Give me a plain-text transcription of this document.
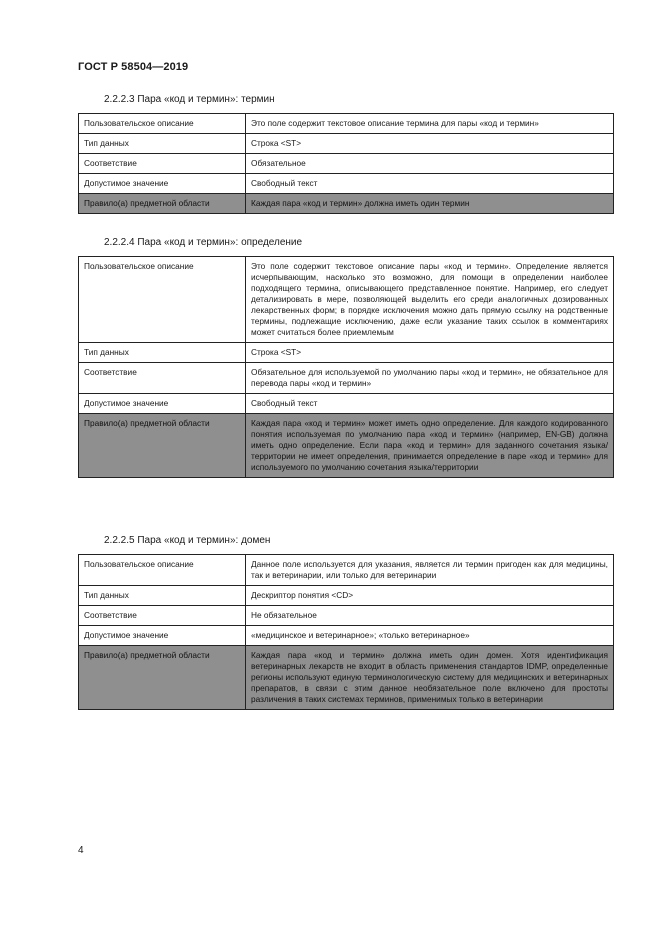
ГОСТ Р 58504—2019
2.2.2.3 Пара «код и термин»: термин
Пользовательское описание	Это поле содержит текстовое описание термина для пары «код и термин»
Тип данных	Строка <ST>
Соответствие	Обязательное
Допустимое значение	Свободный текст
Правило(а) предметной области	Каждая пара «код и термин» должна иметь один термин
2.2.2.4 Пара «код и термин»: определение
Пользовательское описание	Это поле содержит текстовое описание пары «код и термин». Определение является исчерпывающим, насколько это возможно, для помощи в определении наиболее подходящего термина, описывающего представленное понятие. Например, его следует детализировать в мере, позволяющей выделить его среди аналогичных дозированных лекарственных форм; в порядке исключения можно дать прямую ссылку на родственные термины, подлежащие исключению, даже если указание таких ссылок в комментариях может считаться более приемлемым
Тип данных	Строка <ST>
Соответствие	Обязательное для используемой по умолчанию пары «код и термин», не обязательное для перевода пары «код и термин»
Допустимое значение	Свободный текст
Правило(а) предметной области	Каждая пара «код и термин» может иметь одно определение. Для каждого кодированного понятия используемая по умолчанию пара «код и термин» (например, EN-GB) должна иметь одно определение. Если пара «код и термин» для заданного сочетания языка/территории не имеет определения, принимается определение в паре «код и термин» для используемого по умолчанию сочетания языка/территории
2.2.2.5 Пара «код и термин»: домен
Пользовательское описание	Данное поле используется для указания, является ли термин пригоден как для медицины, так и ветеринарии, или только для ветеринарии
Тип данных	Дескриптор понятия <CD>
Соответствие	Не обязательное
Допустимое значение	«медицинское и ветеринарное»; «только ветеринарное»
Правило(а) предметной области	Каждая пара «код и термин» должна иметь один домен. Хотя идентификация ветеринарных лекарств не входит в область применения стандартов IDMP, определенные регионы используют единую терминологическую систему для медицинских и ветеринарных препаратов, в связи с этим данное необязательное поле включено для простоты различения в таких системах терминов, применимых только в ветеринарии
4
